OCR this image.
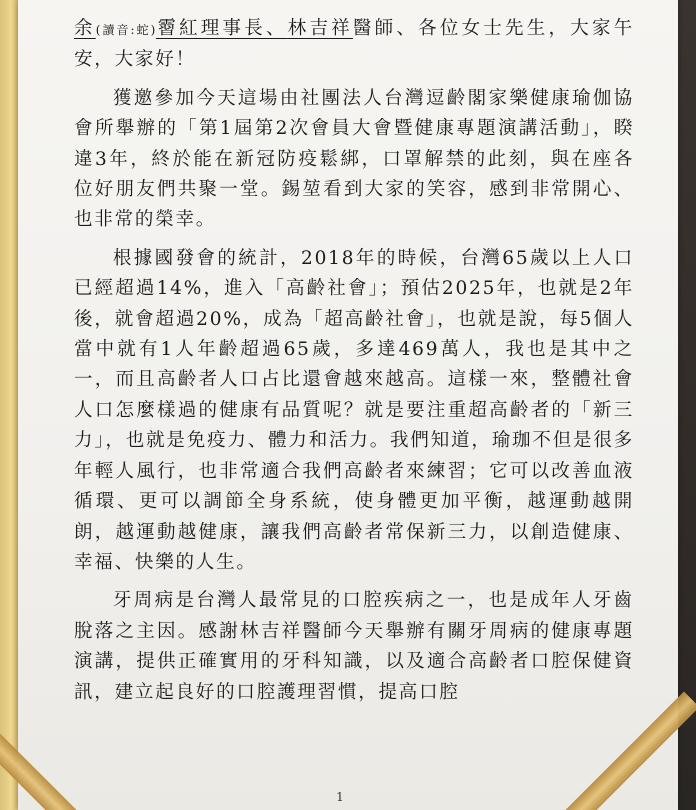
余(讀音:蛇)霫紅理事長、林吉祥醫師、各位女士先生，大家午安，大家好！

獲邀參加今天這場由社團法人台灣逗齡閣家樂健康瑜伽協會所舉辦的「第1屆第2次會員大會暨健康專題演講活動」，睽違3年，終於能在新冠防疫鬆綁，口罩解禁的此刻，與在座各位好朋友們共聚一堂。錫堃看到大家的笑容，感到非常開心、也非常的榮幸。

根據國發會的統計，2018年的時候，台灣65歲以上人口已經超過14%，進入「高齡社會」；預估2025年，也就是2年後，就會超過20%，成為「超高齡社會」，也就是說，每5個人當中就有1人年齡超過65歲，多達469萬人，我也是其中之一，而且高齡者人口占比還會越來越高。這樣一來，整體社會人口怎麼樣過的健康有品質呢？就是要注重超高齡者的「新三力」，也就是免疫力、體力和活力。我們知道，瑜珈不但是很多年輕人風行，也非常適合我們高齡者來練習；它可以改善血液循環、更可以調節全身系統，使身體更加平衡，越運動越開朗，越運動越健康，讓我們高齡者常保新三力，以創造健康、幸福、快樂的人生。

牙周病是台灣人最常見的口腔疾病之一，也是成年人牙齒脫落之主因。感謝林吉祥醫師今天舉辦有關牙周病的健康專題演講，提供正確實用的牙科知識，以及適合高齡者口腔保健資訊，建立起良好的口腔護理習慣，提高口腔

1
